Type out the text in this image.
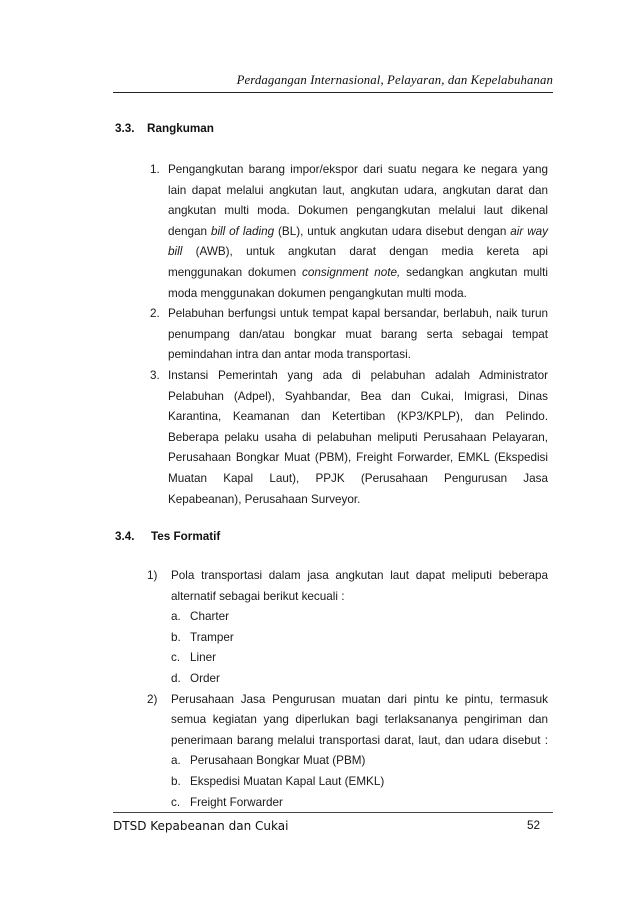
Perdagangan Internasional, Pelayaran, dan Kepelabuhanan
3.3. Rangkuman
1. Pengangkutan barang impor/ekspor dari suatu negara ke negara yang
lain dapat melalui angkutan laut, angkutan udara, angkutan darat dan
angkutan multi moda. Dokumen pengangkutan melalui laut dikenal
dengan bill of lading (BL), untuk angkutan udara disebut dengan air way
bill (AWB), untuk angkutan darat dengan media kereta api
menggunakan dokumen consignment note, sedangkan angkutan multi
moda menggunakan dokumen pengangkutan multi moda.
2. Pelabuhan berfungsi untuk tempat kapal bersandar, berlabuh, naik turun
penumpang dan/atau bongkar muat barang serta sebagai tempat
pemindahan intra dan antar moda transportasi.
3. Instansi Pemerintah yang ada di pelabuhan adalah Administrator
Pelabuhan (Adpel), Syahbandar, Bea dan Cukai, Imigrasi, Dinas
Karantina, Keamanan dan Ketertiban (KP3/KPLP), dan Pelindo.
Beberapa pelaku usaha di pelabuhan meliputi Perusahaan Pelayaran,
Perusahaan Bongkar Muat (PBM), Freight Forwarder, EMKL (Ekspedisi
Muatan Kapal Laut), PPJK (Perusahaan Pengurusan Jasa
Kepabeanan), Perusahaan Surveyor.
3.4. Tes Formatif
1) Pola transportasi dalam jasa angkutan laut dapat meliputi beberapa
alternatif sebagai berikut kecuali :
a. Charter
b. Tramper
c. Liner
d. Order
2) Perusahaan Jasa Pengurusan muatan dari pintu ke pintu, termasuk
semua kegiatan yang diperlukan bagi terlaksananya pengiriman dan
penerimaan barang melalui transportasi darat, laut, dan udara disebut :
a. Perusahaan Bongkar Muat (PBM)
b. Ekspedisi Muatan Kapal Laut (EMKL)
c. Freight Forwarder
DTSD Kepabeanan dan Cukai	52
